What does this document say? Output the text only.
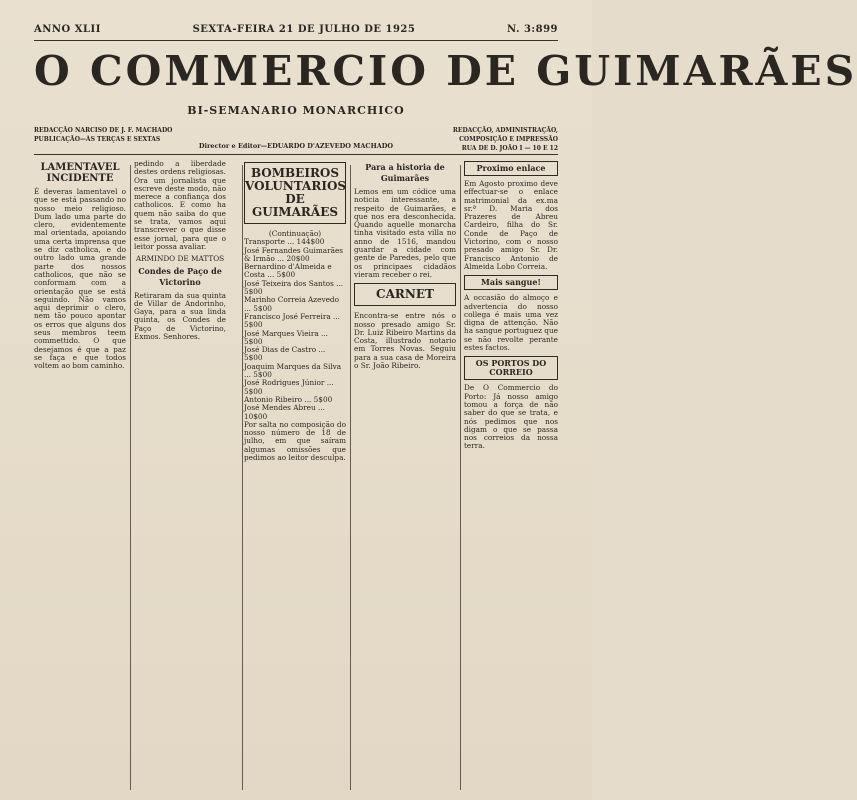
ANNO XLII	SEXTA-FEIRA 21 DE JULHO DE 1925	N. 3:899
O COMMERCIO DE GUIMARÃES
BI-SEMANARIO MONARCHICO
REDACÇÃO NARCISO DE J. F. MACHADO
PUBLICAÇÃO—ÀS TERÇAS E SEXTAS
REDACÇÃO, ADMINISTRAÇÃO, COMPOSIÇÃO E IMPRESSÃO
RUA DE D. JOÃO I — 10 E 12
Director e Editor—EDUARDO D'AZEVEDO MACHADO
LAMENTAVEL INCIDENTE
É deveras lamentavel o que se está passando no nosso meio religioso. Dum lado uma parte do clero, evidentemente mal orientada, apoiando uma certa imprensa que se diz catholica, e do outro lado uma grande parte dos nossos catholicos, que não se conformam com a orientação que se está seguindo. Não vamos aqui deprimir o clero, nem tão pouco apontar os erros que alguns dos seus membros teem commettido. O que desejamos é que a paz se faça e que todos voltem ao bom caminho.
pedindo a liberdade destes ordens religiosas. Ora um jornalista que escreve deste modo, não merece a confiança dos catholicos. E como ha quem não saiba do que se trata, vamos aqui transcrever o que disse esse jornal, para que o leitor possa avaliar.
ARMINDO DE MATTOS
Condes de Paço de Victorino
Retiraram da sua quinta de Villar de Andorinho, Gaya, para a sua linda quinta, os Condes de Paço de Victorino, Exmos. Senhores.
BOMBEIROS VOLUNTARIOS DE GUIMARÃES
(Continuação)
Transporte ... 144$00
José Fernandes Guimarães & Irmão ... 20$00
Bernardino d'Almeida e Costa ... 5$00
José Teixeira dos Santos ... 5$00
Marinho Correia Azevedo ... 5$00
Francisco José Ferreira ... 5$00
José Marques Vieira ... 5$00
José Dias de Castro ... 5$00
Joaquim Marques da Silva ... 5$00
José Rodrigues Júnior ... 5$00
Antonio Ribeiro ... 5$00
José Mendes Abreu ... 10$00
Por salta no composição do nosso número de 18 de julho, em que saíram algumas omissões que pedimos ao leitor desculpa.
Para a historia de Guimarães
Lemos em um códice uma noticia interessante, a respeito de Guimarães, e que nos era desconhecida. Quando aquelle monarcha tinha visitado esta villa no anno de 1516, mandou guardar a cidade com gente de Paredes, pelo que os principaes cidadãos vieram receber o rei.
CARNET
Encontra-se entre nós o nosso presado amigo Sr. Dr. Luiz Ribeiro Martins da Costa, illustrado notario em Torres Novas. Seguiu para a sua casa de Moreira o Sr. João Ribeiro.
Proximo enlace
Em Agosto proximo deve effectuar-se o enlace matrimonial da ex.ma sr.ª D. Maria dos Prazeres de Abreu Cardeiro, filha do Sr. Conde de Paço de Victorino, com o nosso presado amigo Sr. Dr. Francisco Antonio de Almeida Lobo Correia.
Mais sangue!
A occasião do almoço e advertencia do nosso collega é mais uma vez digna de attenção. Não ha sangue portuguez que se não revolte perante estes factos.
OS PORTOS DO CORREIO
De O Commercio do Porto: Já nosso amigo tomou a força de não saber do que se trata, e nós pedimos que nos digam o que se passa nos correios da nossa terra.
